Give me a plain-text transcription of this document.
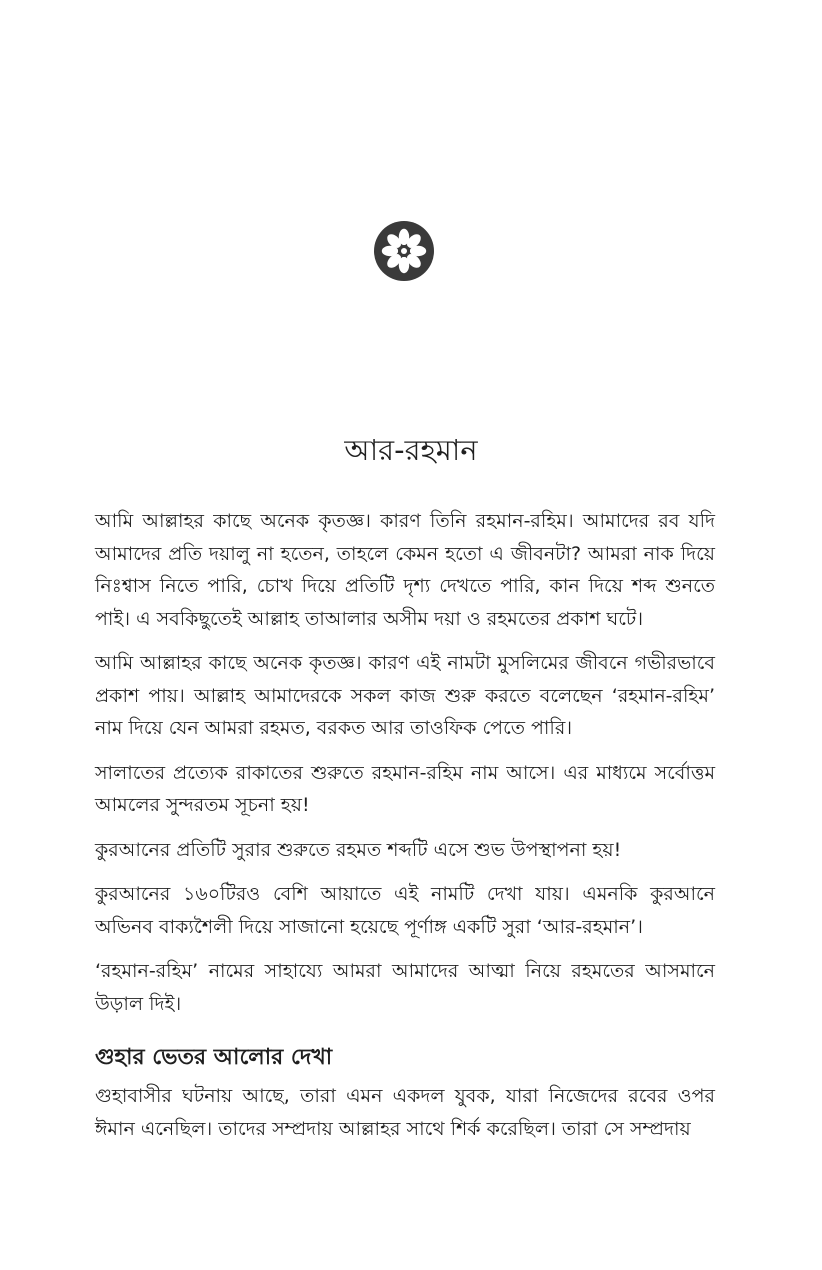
আর-রহমান

আমি আল্লাহর কাছে অনেক কৃতজ্ঞ। কারণ তিনি রহমান-রহিম। আমাদের রব যদি আমাদের প্রতি দয়ালু না হতেন, তাহলে কেমন হতো এ জীবনটা? আমরা নাক দিয়ে নিঃশ্বাস নিতে পারি, চোখ দিয়ে প্রতিটি দৃশ্য দেখতে পারি, কান দিয়ে শব্দ শুনতে পাই। এ সবকিছুতেই আল্লাহ তাআলার অসীম দয়া ও রহমতের প্রকাশ ঘটে।

আমি আল্লাহর কাছে অনেক কৃতজ্ঞ। কারণ এই নামটা মুসলিমের জীবনে গভীরভাবে প্রকাশ পায়। আল্লাহ আমাদেরকে সকল কাজ শুরু করতে বলেছেন ‘রহমান-রহিম’ নাম দিয়ে যেন আমরা রহমত, বরকত আর তাওফিক পেতে পারি।

সালাতের প্রত্যেক রাকাতের শুরুতে রহমান-রহিম নাম আসে। এর মাধ্যমে সর্বোত্তম আমলের সুন্দরতম সূচনা হয়!

কুরআনের প্রতিটি সুরার শুরুতে রহমত শব্দটি এসে শুভ উপস্থাপনা হয়!

কুরআনের ১৬০টিরও বেশি আয়াতে এই নামটি দেখা যায়। এমনকি কুরআনে অভিনব বাক্যশৈলী দিয়ে সাজানো হয়েছে পূর্ণাঙ্গ একটি সুরা ‘আর-রহমান’।

‘রহমান-রহিম’ নামের সাহায্যে আমরা আমাদের আত্মা নিয়ে রহমতের আসমানে উড়াল দিই।

গুহার ভেতর আলোর দেখা

গুহাবাসীর ঘটনায় আছে, তারা এমন একদল যুবক, যারা নিজেদের রবের ওপর ঈমান এনেছিল। তাদের সম্প্রদায় আল্লাহর সাথে শির্ক করেছিল। তারা সে সম্প্রদায়
